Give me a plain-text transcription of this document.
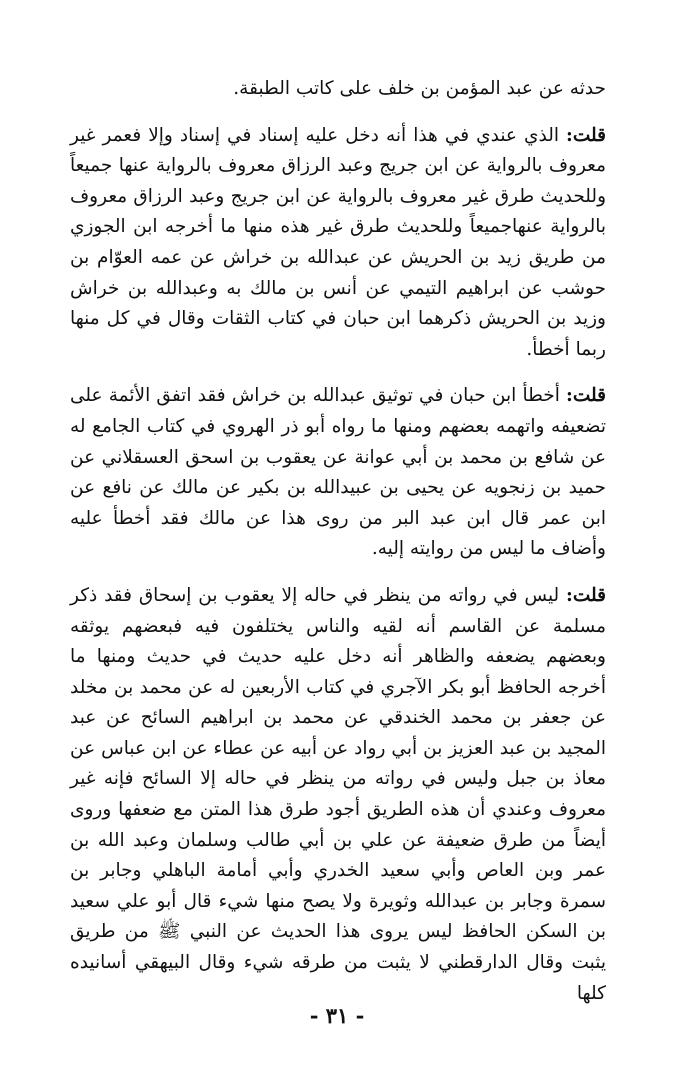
حدثه عن عبد المؤمن بن خلف على كاتب الطبقة.

قلت: الذي عندي في هذا أنه دخل عليه إسناد في إسناد وإلا فعمر غير معروف بالرواية عن ابن جريج وعبد الرزاق معروف بالرواية عنها جميعاً وللحديث طرق غير معروف بالرواية عن ابن جريج وعبد الرزاق معروف بالرواية عنهاجميعاً وللحديث طرق غير هذه منها ما أخرجه ابن الجوزي من طريق زيد بن الحريش عن عبدالله بن خراش عن عمه العوّام بن حوشب عن ابراهيم التيمي عن أنس بن مالك به وعبدالله بن خراش وزيد بن الحريش ذكرهما ابن حبان في كتاب الثقات وقال في كل منها ربما أخطأ.

قلت: أخطأ ابن حبان في توثيق عبدالله بن خراش فقد اتفق الأئمة على تضعيفه واتهمه بعضهم ومنها ما رواه أبو ذر الهروي في كتاب الجامع له عن شافع بن محمد بن أبي عوانة عن يعقوب بن اسحق العسقلاني عن حميد بن زنجويه عن يحيى بن عبيدالله بن بكير عن مالك عن نافع عن ابن عمر قال ابن عبد البر من روى هذا عن مالك فقد أخطأ عليه وأضاف ما ليس من روايته إليه.

قلت: ليس في رواته من ينظر في حاله إلا يعقوب بن إسحاق فقد ذكر مسلمة عن القاسم أنه لقيه والناس يختلفون فيه فبعضهم يوثقه وبعضهم يضعفه والظاهر أنه دخل عليه حديث في حديث ومنها ما أخرجه الحافظ أبو بكر الآجري في كتاب الأربعين له عن محمد بن مخلد عن جعفر بن محمد الخندقي عن محمد بن ابراهيم السائح عن عبد المجيد بن عبد العزيز بن أبي رواد عن أبيه عن عطاء عن ابن عباس عن معاذ بن جبل وليس في رواته من ينظر في حاله إلا السائح فإنه غير معروف وعندي أن هذه الطريق أجود طرق هذا المتن مع ضعفها وروى أيضاً من طرق ضعيفة عن علي بن أبي طالب وسلمان وعبد الله بن عمر وبن العاص وأبي سعيد الخدري وأبي أمامة الباهلي وجابر بن سمرة وجابر بن عبدالله وثويرة ولا يصح منها شيء قال أبو علي سعيد بن السكن الحافظ ليس يروى هذا الحديث عن النبي ﷺ من طريق يثبت وقال الدارقطني لا يثبت من طرقه شيء وقال البيهقي أسانيده كلها

- ٣١ -
